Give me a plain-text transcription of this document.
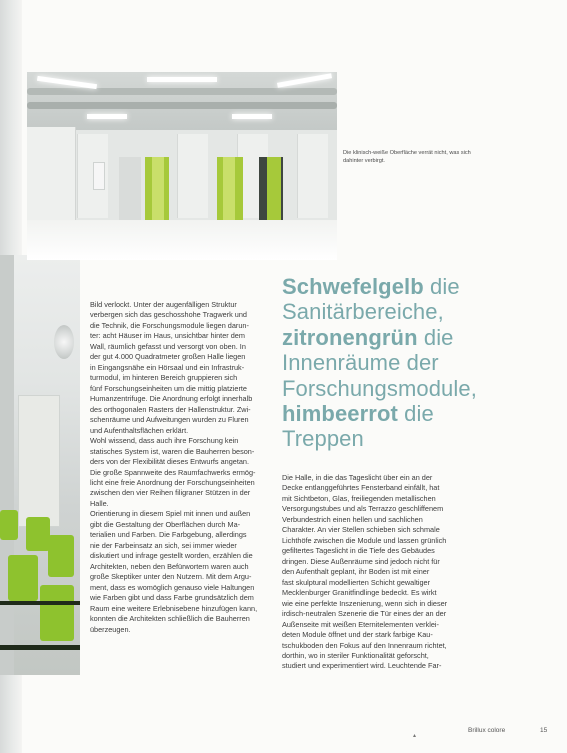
Die klinisch-weiße Oberfläche verrät nicht, was sich dahinter verbirgt.

Schwefelgelb die
Sanitärbereiche,
zitronengrün die
Innenräume der
Forschungsmodule,
himbeerrot die
Treppen
Bild verlockt. Unter der augenfälligen Struktur
verbergen sich das geschosshohe Tragwerk und
die Technik, die Forschungsmodule liegen darun-
ter: acht Häuser im Haus, unsichtbar hinter dem
Wall, räumlich gefasst und versorgt von oben. In
der gut 4.000 Quadratmeter großen Halle liegen
in Eingangsnähe ein Hörsaal und ein Infrastruk-
turmodul, im hinteren Bereich gruppieren sich
fünf Forschungseinheiten um die mittig platzierte
Humanzentrifuge. Die Anordnung erfolgt innerhalb
des orthogonalen Rasters der Hallenstruktur. Zwi-
schenräume und Aufweitungen wurden zu Fluren
und Aufenthaltsflächen erklärt.
Wohl wissend, dass auch ihre Forschung kein
statisches System ist, waren die Bauherren beson-
ders von der Flexibilität dieses Entwurfs angetan.
Die große Spannweite des Raumfachwerks ermög-
licht eine freie Anordnung der Forschungseinheiten
zwischen den vier Reihen filigraner Stützen in der
Halle.
Orientierung in diesem Spiel mit innen und außen
gibt die Gestaltung der Oberflächen durch Ma-
terialien und Farben. Die Farbgebung, allerdings
nie der Farbeinsatz an sich, sei immer wieder
diskutiert und infrage gestellt worden, erzählen die
Architekten, neben den Befürwortern waren auch
große Skeptiker unter den Nutzern. Mit dem Argu-
ment, dass es womöglich genauso viele Haltungen
wie Farben gibt und dass Farbe grundsätzlich dem
Raum eine weitere Erlebnisebene hinzufügen kann,
konnten die Architekten schließlich die Bauherren
überzeugen.
Die Halle, in die das Tageslicht über ein an der
Decke entlanggeführtes Fensterband einfällt, hat
mit Sichtbeton, Glas, freiliegenden metallischen
Versorgungstubes und als Terrazzo geschliffenem
Verbundestrich einen hellen und sachlichen
Charakter. An vier Stellen schieben sich schmale
Lichthöfe zwischen die Module und lassen grünlich
gefiltertes Tageslicht in die Tiefe des Gebäudes
dringen. Diese Außenräume sind jedoch nicht für
den Aufenthalt geplant, ihr Boden ist mit einer
fast skulptural modellierten Schicht gewaltiger
Mecklenburger Granitfindlinge bedeckt. Es wirkt
wie eine perfekte Inszenierung, wenn sich in dieser
irdisch-neutralen Szenerie die Tür eines der an der
Außenseite mit weißen Eternitelementen verklei-
deten Module öffnet und der stark farbige Kau-
tschukboden den Fokus auf den Innenraum richtet,
dorthin, wo in steriler Funktionalität geforscht,
studiert und experimentiert wird. Leuchtende Far-
▴
Brillux colore	15
